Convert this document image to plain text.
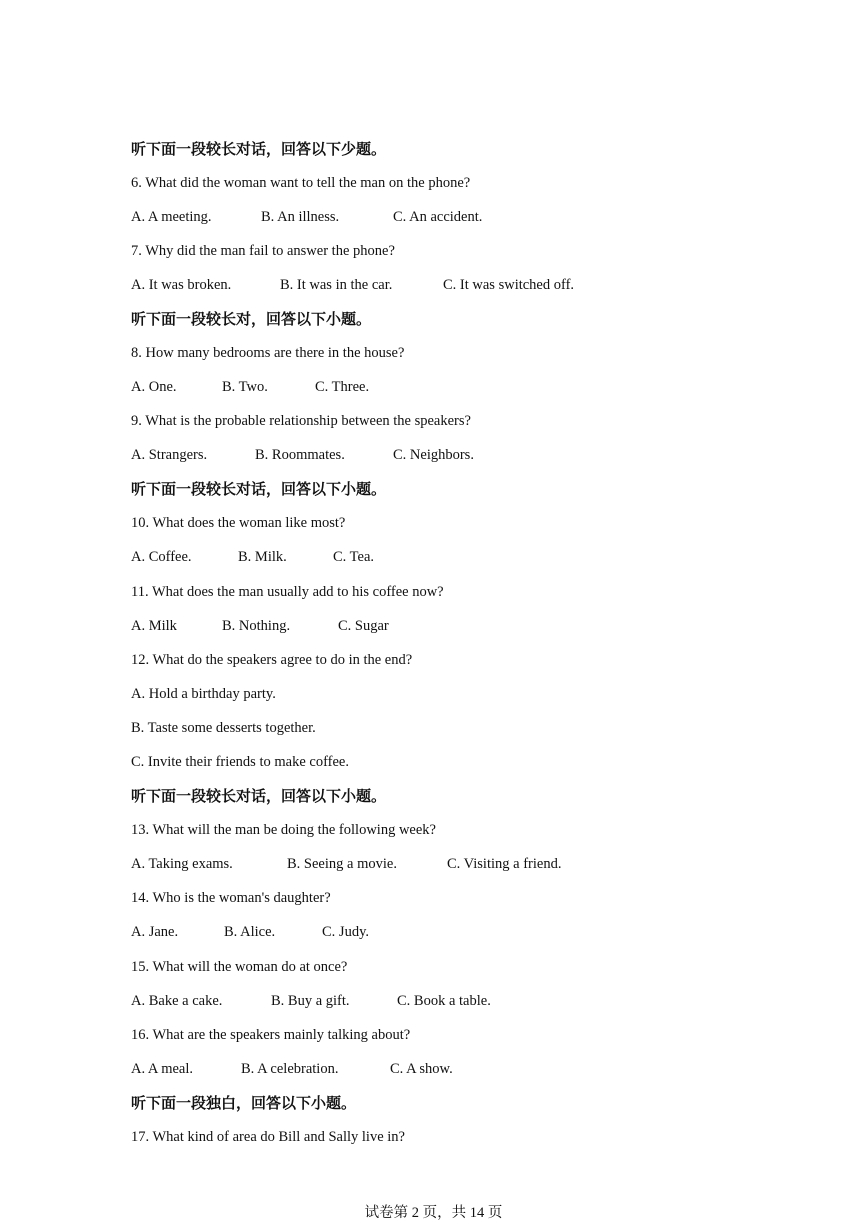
听下面一段较长对话，回答以下少题。
6. What did the woman want to tell the man on the phone?
A. A meeting.	B. An illness.	C. An accident.
7. Why did the man fail to answer the phone?
A. It was broken.	B. It was in the car.	C. It was switched off.
听下面一段较长对，回答以下小题。
8. How many bedrooms are there in the house?
A. One.	B. Two.	C. Three.
9. What is the probable relationship between the speakers?
A. Strangers.	B. Roommates.	C. Neighbors.
听下面一段较长对话，回答以下小题。
10. What does the woman like most?
A. Coffee.	B. Milk.	C. Tea.
11. What does the man usually add to his coffee now?
A. Milk	B. Nothing.	C. Sugar
12. What do the speakers agree to do in the end?
A. Hold a birthday party.
B. Taste some desserts together.
C. Invite their friends to make coffee.
听下面一段较长对话，回答以下小题。
13. What will the man be doing the following week?
A. Taking exams.	B. Seeing a movie.	C. Visiting a friend.
14. Who is the woman's daughter?
A. Jane.	B. Alice.	C. Judy.
15. What will the woman do at once?
A. Bake a cake.	B. Buy a gift.	C. Book a table.
16. What are the speakers mainly talking about?
A. A meal.	B. A celebration.	C. A show.
听下面一段独白，回答以下小题。
17. What kind of area do Bill and Sally live in?
试卷第 2 页，共 14 页
